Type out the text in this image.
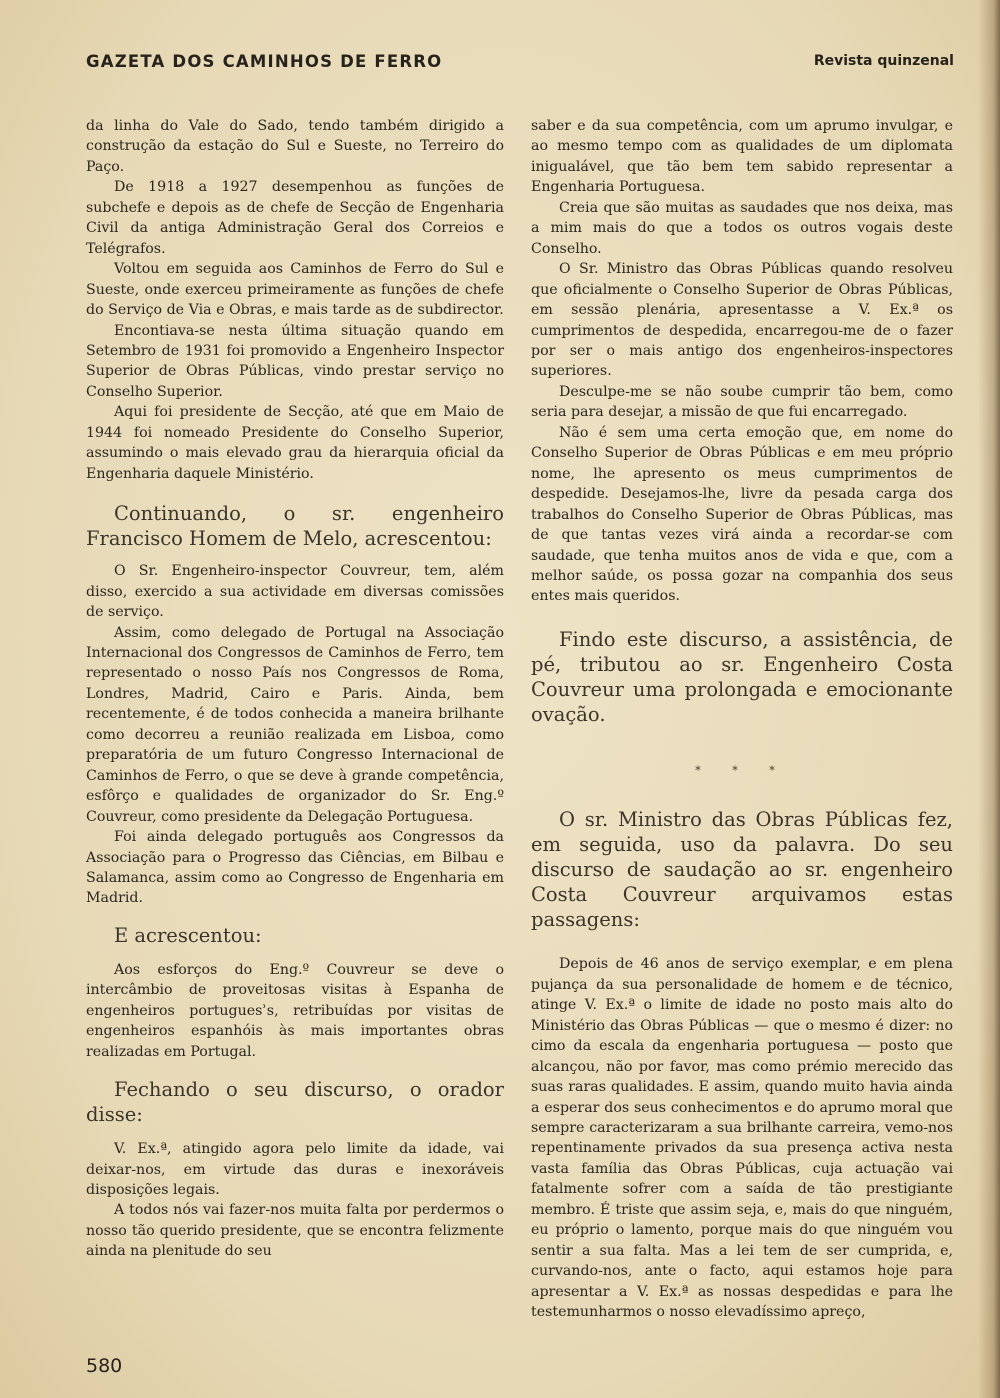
GAZETA DOS CAMINHOS DE FERRO	Revista quinzenal

da linha do Vale do Sado, tendo também dirigido a construção da estação do Sul e Sueste, no Terreiro do Paço.

De 1918 a 1927 desempenhou as funções de subchefe e depois as de chefe de Secção de Engenharia Civil da antiga Administração Geral dos Correios e Telégrafos.

Voltou em seguida aos Caminhos de Ferro do Sul e Sueste, onde exerceu primeiramente as funções de chefe do Serviço de Via e Obras, e mais tarde as de subdirector.

Encontiava-se nesta última situação quando em Setembro de 1931 foi promovido a Engenheiro Inspector Superior de Obras Públicas, vindo prestar serviço no Conselho Superior.

Aqui foi presidente de Secção, até que em Maio de 1944 foi nomeado Presidente do Conselho Superior, assumindo o mais elevado grau da hierarquia oficial da Engenharia daquele Ministério.

Continuando, o sr. engenheiro Francisco Homem de Melo, acrescentou:

O Sr. Engenheiro-inspector Couvreur, tem, além disso, exercido a sua actividade em diversas comissões de serviço.

Assim, como delegado de Portugal na Associação Internacional dos Congressos de Caminhos de Ferro, tem representado o nosso País nos Congressos de Roma, Londres, Madrid, Cairo e Paris. Ainda, bem recentemente, é de todos conhecida a maneira brilhante como decorreu a reunião realizada em Lisboa, como preparatória de um futuro Congresso Internacional de Caminhos de Ferro, o que se deve à grande competência, esfôrço e qualidades de organizador do Sr. Eng.º Couvreur, como presidente da Delegação Portuguesa.

Foi ainda delegado português aos Congressos da Associação para o Progresso das Ciências, em Bilbau e Salamanca, assim como ao Congresso de Engenharia em Madrid.

E acrescentou:

Aos esforços do Eng.º Couvreur se deve o intercâmbio de proveitosas visitas à Espanha de engenheiros portuguesʾs, retribuídas por visitas de engenheiros espanhóis às mais importantes obras realizadas em Portugal.

Fechando o seu discurso, o orador disse:

V. Ex.ª, atingido agora pelo limite da idade, vai deixar-nos, em virtude das duras e inexoráveis disposições legais.

A todos nós vai fazer-nos muita falta por perdermos o nosso tão querido presidente, que se encontra felizmente ainda na plenitude do seu

saber e da sua competência, com um aprumo invulgar, e ao mesmo tempo com as qualidades de um diplomata inigualável, que tão bem tem sabido representar a Engenharia Portuguesa.

Creia que são muitas as saudades que nos deixa, mas a mim mais do que a todos os outros vogais deste Conselho.

O Sr. Ministro das Obras Públicas quando resolveu que oficialmente o Conselho Superior de Obras Públicas, em sessão plenária, apresentasse a V. Ex.ª os cumprimentos de despedida, encarregou-me de o fazer por ser o mais antigo dos engenheiros-inspectores superiores.

Desculpe-me se não soube cumprir tão bem, como seria para desejar, a missão de que fui encarregado.

Não é sem uma certa emoção que, em nome do Conselho Superior de Obras Públicas e em meu próprio nome, lhe apresento os meus cumprimentos de despedidɐ. Desejamos-lhe, livre da pesada carga dos trabalhos do Conselho Superior de Obras Públicas, mas de que tantas vezes virá ainda a recordar-se com saudade, que tenha muitos anos de vida e que, com a melhor saúde, os possa gozar na companhia dos seus entes mais queridos.

Findo este discurso, a assistência, de pé, tributou ao sr. Engenheiro Costa Couvreur uma prolongada e emocionante ovação.

* * *

O sr. Ministro das Obras Públicas fez, em seguida, uso da palavra. Do seu discurso de saudação ao sr. engenheiro Costa Couvreur arquivamos estas passagens:

Depois de 46 anos de serviço exemplar, e em plena pujança da sua personalidade de homem e de técnico, atinge V. Ex.ª o limite de idade no posto mais alto do Ministério das Obras Públicas — que o mesmo é dizer: no cimo da escala da engenharia portuguesa — posto que alcançou, não por favor, mas como prémio merecido das suas raras qualidades. E assim, quando muito havia ainda a esperar dos seus conhecimentos e do aprumo moral que sempre caracterizaram a sua brilhante carreira, vemo-nos repentinamente privados da sua presença activa nesta vasta família das Obras Públicas, cuja actuação vai fatalmente sofrer com a saída de tão prestigiante membro. É triste que assim seja, e, mais do que ninguém, eu próprio o lamento, porque mais do que ninguém vou sentir a sua falta. Mas a lei tem de ser cumprida, e, curvando-nos, ante o facto, aqui estamos hoje para apresentar a V. Ex.ª as nossas despedidas e para lhe testemunharmos o nosso elevadíssimo apreço,

580
